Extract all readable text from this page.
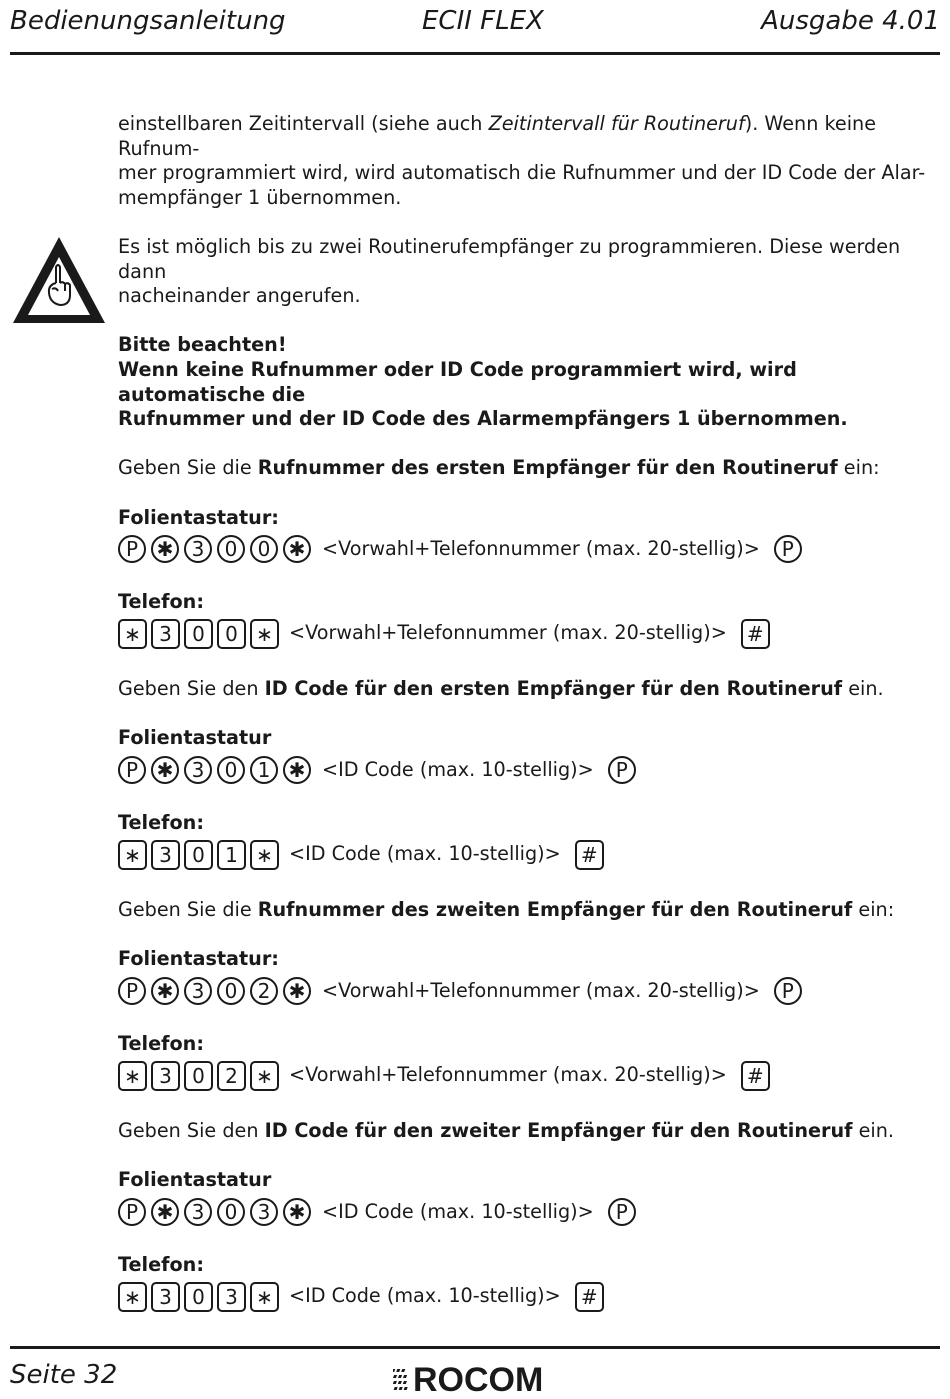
Bedienungsanleitung	ECII FLEX	Ausgabe 4.01

einstellbaren Zeitintervall (siehe auch Zeitintervall für Routineruf). Wenn keine Rufnum-
mer programmiert wird, wird automatisch die Rufnummer und der ID Code der Alar-
mempfänger 1 übernommen.

Es ist möglich bis zu zwei Routinerufempfänger zu programmieren. Diese werden dann
nacheinander angerufen.

Bitte beachten!
Wenn keine Rufnummer oder ID Code programmiert wird, wird automatische die
Rufnummer und der ID Code des Alarmempfängers 1 übernommen.

Geben Sie die Rufnummer des ersten Empfänger für den Routineruf ein:

Folientastatur:

P ✱ 3	0	0 ✱ <Vorwahl+Telefonnummer (max. 20-stellig)>	P

Telefon:

∗ 3	0	0 ∗ <Vorwahl+Telefonnummer (max. 20-stellig)>	#

Geben Sie den ID Code für den ersten Empfänger für den Routineruf ein.

Folientastatur

P ✱ 3	0	1 ✱ <ID Code (max. 10-stellig)>	P

Telefon:

∗ 3	0	1 ∗ <ID Code (max. 10-stellig)>	#

Geben Sie die Rufnummer des zweiten Empfänger für den Routineruf ein:

Folientastatur:

P ✱ 3	0	2 ✱ <Vorwahl+Telefonnummer (max. 20-stellig)>	P

Telefon:

∗ 3	0	2 ∗ <Vorwahl+Telefonnummer (max. 20-stellig)>	#

Geben Sie den ID Code für den zweiter Empfänger für den Routineruf ein.

Folientastatur

P ✱ 3	0	3 ✱ <ID Code (max. 10-stellig)>	P

Telefon:

∗ 3	0	3 ∗ <ID Code (max. 10-stellig)>	#
Seite 32	ROCOM
